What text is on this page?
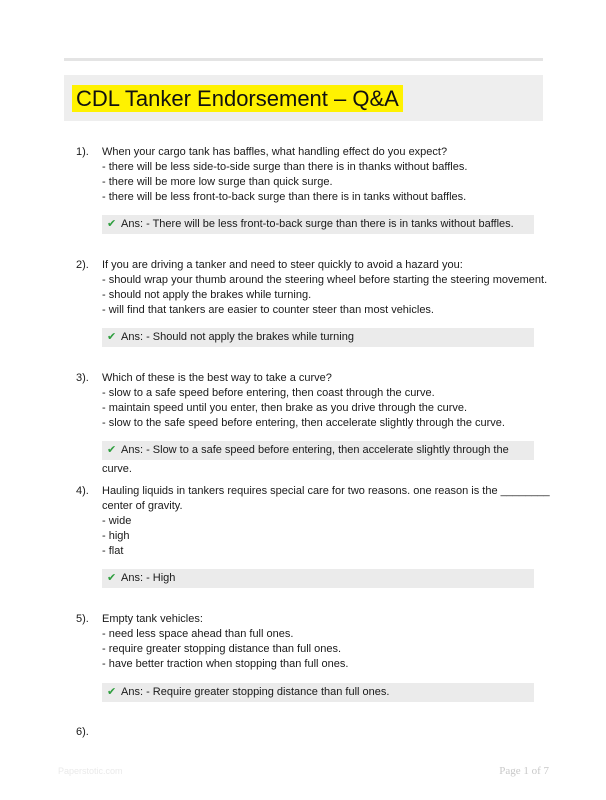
CDL Tanker Endorsement – Q&A
1). When your cargo tank has baffles, what handling effect do you expect?
- there will be less side-to-side surge than there is in thanks without baffles.
- there will be more low surge than quick surge.
- there will be less front-to-back surge than there is in tanks without baffles.
✔ Ans: - There will be less front-to-back surge than there is in tanks without baffles.
2). If you are driving a tanker and need to steer quickly to avoid a hazard you:
- should wrap your thumb around the steering wheel before starting the steering movement.
- should not apply the brakes while turning.
- will find that tankers are easier to counter steer than most vehicles.
✔ Ans: - Should not apply the brakes while turning
3). Which of these is the best way to take a curve?
- slow to a safe speed before entering, then coast through the curve.
- maintain speed until you enter, then brake as you drive through the curve.
- slow to the safe speed before entering, then accelerate slightly through the curve.
✔ Ans: - Slow to a safe speed before entering, then accelerate slightly through the curve.
4). Hauling liquids in tankers requires special care for two reasons. one reason is the ________
center of gravity.
- wide
- high
- flat
✔ Ans: - High
5). Empty tank vehicles:
- need less space ahead than full ones.
- require greater stopping distance than full ones.
- have better traction when stopping than full ones.
✔ Ans: - Require greater stopping distance than full ones.
6).
Paperstotic.com	Page 1 of 7
